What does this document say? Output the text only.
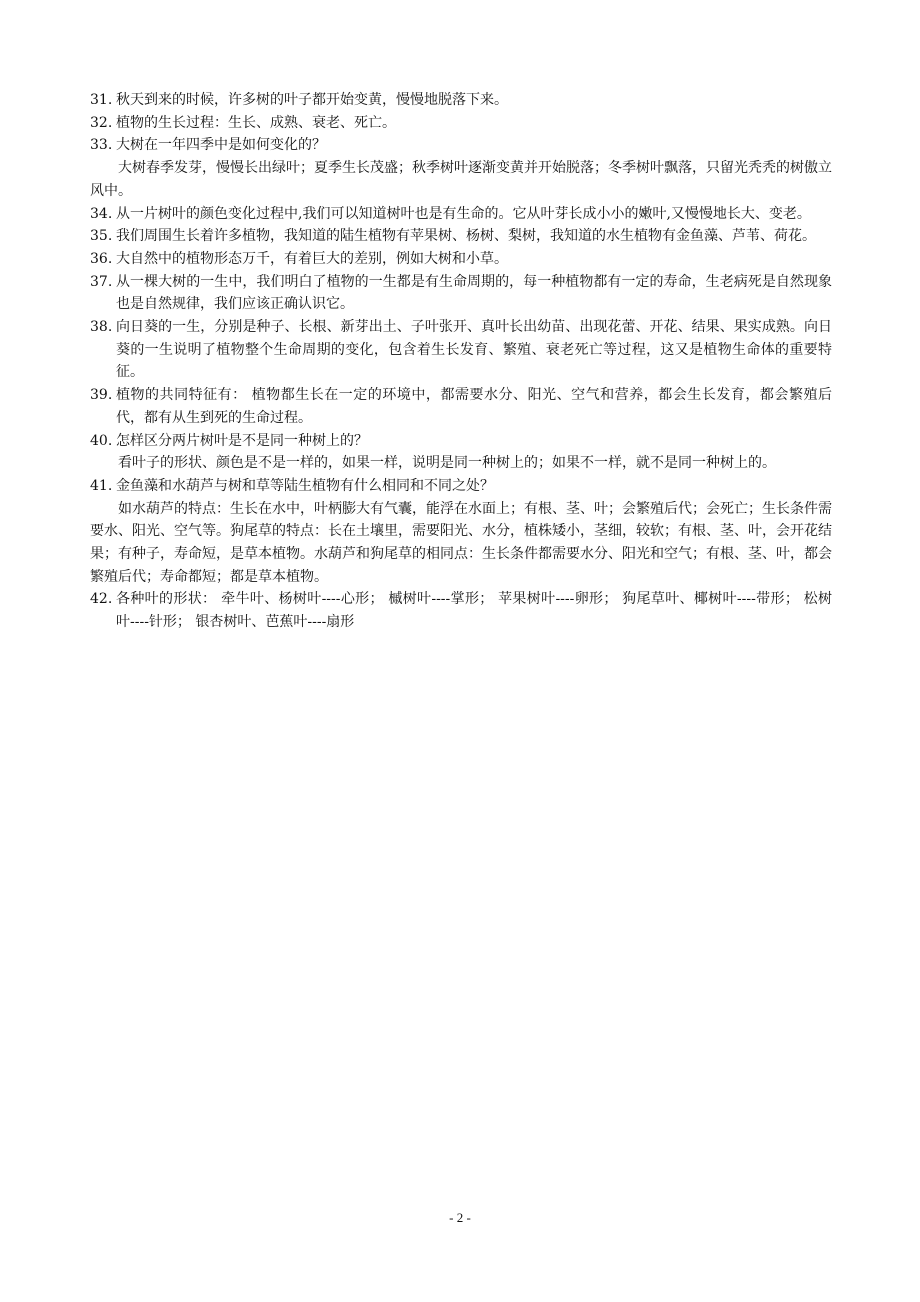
31. 秋天到来的时候，许多树的叶子都开始变黄，慢慢地脱落下来。
32. 植物的生长过程：生长、成熟、衰老、死亡。
33. 大树在一年四季中是如何变化的？
大树春季发芽，慢慢长出绿叶；夏季生长茂盛；秋季树叶逐渐变黄并开始脱落；冬季树叶飘落，只留光秃秃的树傲立风中。
34. 从一片树叶的颜色变化过程中,我们可以知道树叶也是有生命的。它从叶芽长成小小的嫩叶,又慢慢地长大、变老。
35. 我们周围生长着许多植物，我知道的陆生植物有苹果树、杨树、梨树，我知道的水生植物有金鱼藻、芦苇、荷花。
36. 大自然中的植物形态万千，有着巨大的差别，例如大树和小草。
37. 从一棵大树的一生中，我们明白了植物的一生都是有生命周期的，每一种植物都有一定的寿命，生老病死是自然现象也是自然规律，我们应该正确认识它。
38. 向日葵的一生，分别是种子、长根、新芽出土、子叶张开、真叶长出幼苗、出现花蕾、开花、结果、果实成熟。向日葵的一生说明了植物整个生命周期的变化，包含着生长发育、繁殖、衰老死亡等过程，这又是植物生命体的重要特征。
39. 植物的共同特征有： 植物都生长在一定的环境中，都需要水分、阳光、空气和营养，都会生长发育，都会繁殖后代，都有从生到死的生命过程。
40. 怎样区分两片树叶是不是同一种树上的？
看叶子的形状、颜色是不是一样的，如果一样，说明是同一种树上的；如果不一样，就不是同一种树上的。
41. 金鱼藻和水葫芦与树和草等陆生植物有什么相同和不同之处？
如水葫芦的特点：生长在水中，叶柄膨大有气囊，能浮在水面上；有根、茎、叶；会繁殖后代；会死亡；生长条件需要水、阳光、空气等。狗尾草的特点：长在土壤里，需要阳光、水分，植株矮小，茎细，较软；有根、茎、叶，会开花结果；有种子，寿命短，是草本植物。水葫芦和狗尾草的相同点：生长条件都需要水分、阳光和空气；有根、茎、叶，都会繁殖后代；寿命都短；都是草本植物。
42. 各种叶的形状： 牵牛叶、杨树叶----心形； 槭树叶----掌形； 苹果树叶----卵形； 狗尾草叶、椰树叶----带形； 松树叶----针形； 银杏树叶、芭蕉叶----扇形
- 2 -
